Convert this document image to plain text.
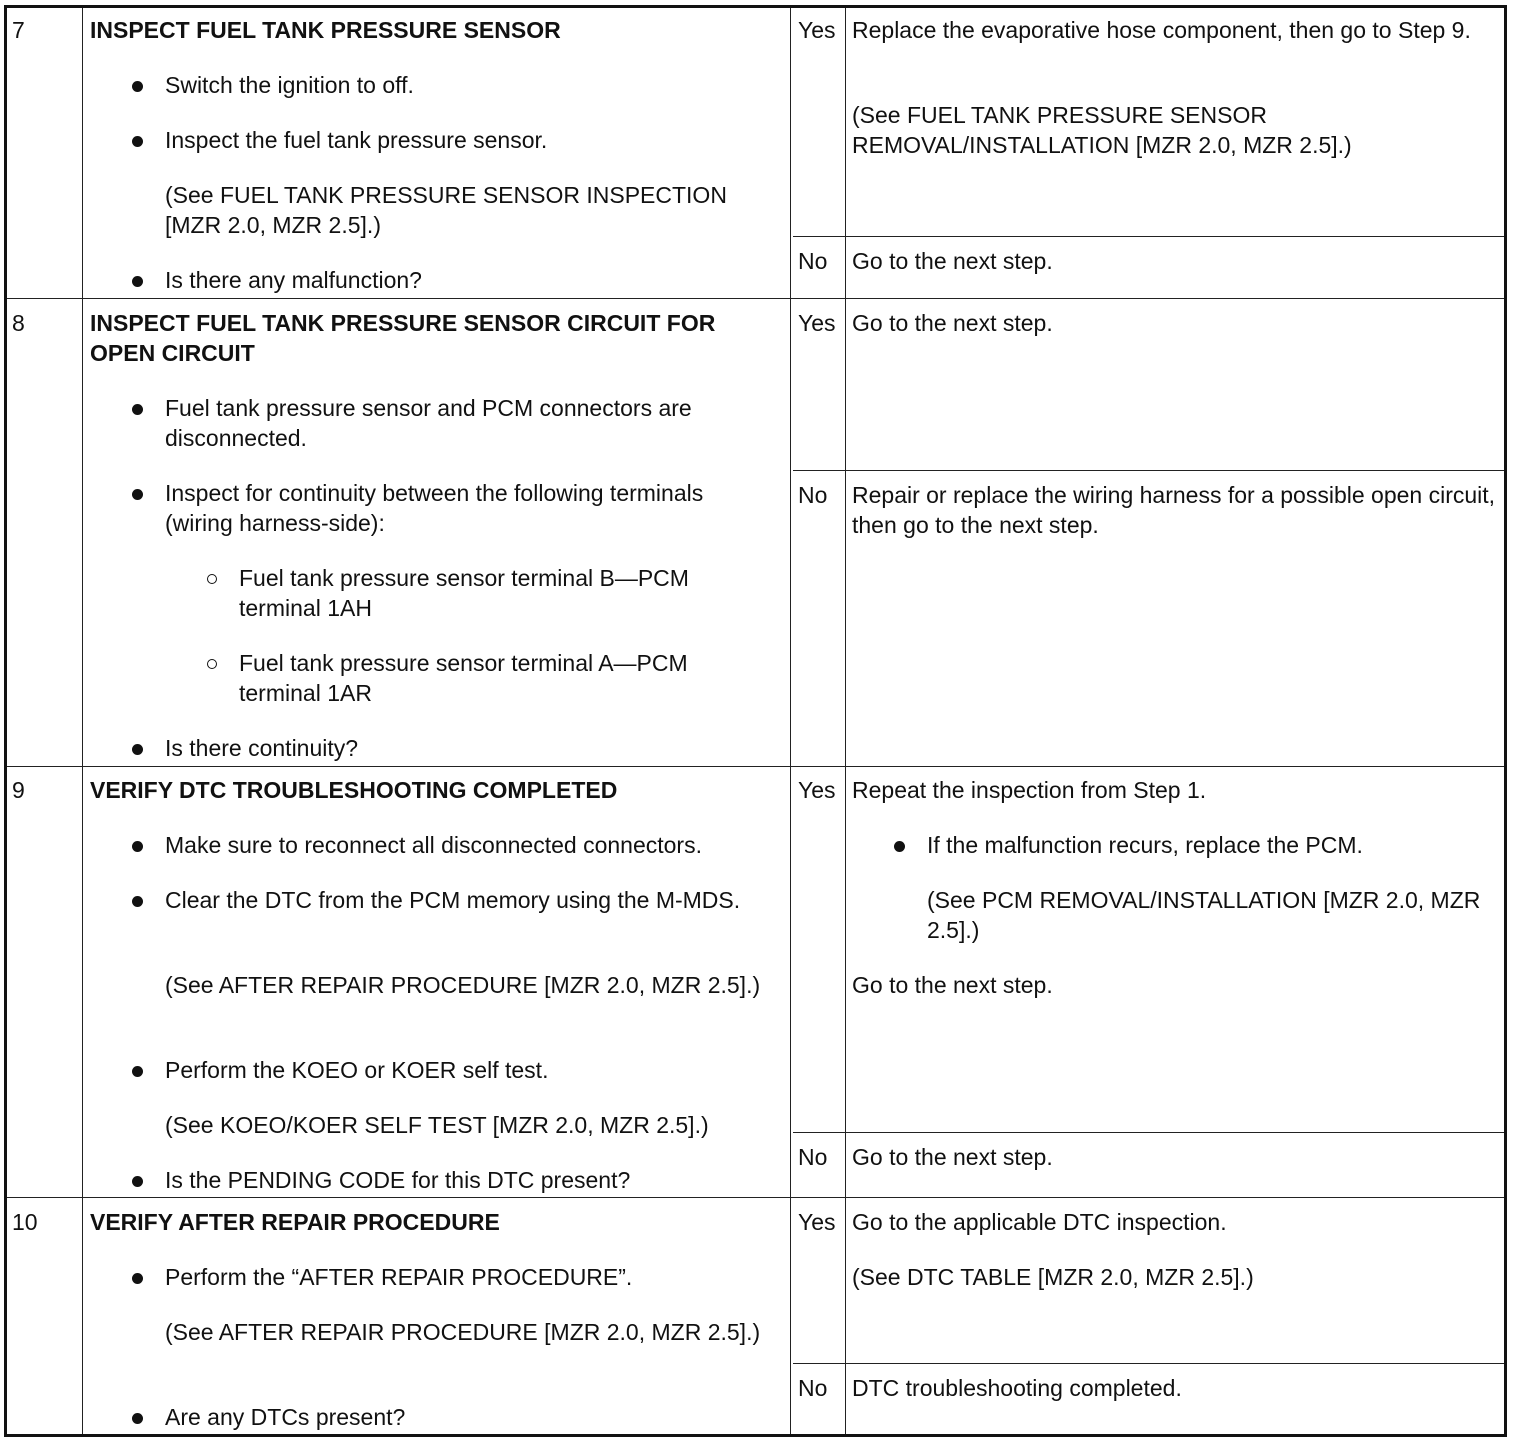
7	INSPECT FUEL TANK PRESSURE SENSOR
Switch the ignition to off.
Inspect the fuel tank pressure sensor.
(See FUEL TANK PRESSURE SENSOR INSPECTION [MZR 2.0, MZR 2.5].)
Is there any malfunction?
Yes Replace the evaporative hose component, then go to Step 9.
(See FUEL TANK PRESSURE SENSOR REMOVAL/INSTALLATION [MZR 2.0, MZR 2.5].)
No Go to the next step.
8	INSPECT FUEL TANK PRESSURE SENSOR CIRCUIT FOR OPEN CIRCUIT
Fuel tank pressure sensor and PCM connectors are disconnected.
Inspect for continuity between the following terminals (wiring harness-side):
Fuel tank pressure sensor terminal B—PCM terminal 1AH
Fuel tank pressure sensor terminal A—PCM terminal 1AR
Is there continuity?
Yes Go to the next step.
No Repair or replace the wiring harness for a possible open circuit, then go to the next step.
9	VERIFY DTC TROUBLESHOOTING COMPLETED
Make sure to reconnect all disconnected connectors.
Clear the DTC from the PCM memory using the M-MDS.
(See AFTER REPAIR PROCEDURE [MZR 2.0, MZR 2.5].)
Perform the KOEO or KOER self test.
(See KOEO/KOER SELF TEST [MZR 2.0, MZR 2.5].)
Is the PENDING CODE for this DTC present?
Yes Repeat the inspection from Step 1.
If the malfunction recurs, replace the PCM.
(See PCM REMOVAL/INSTALLATION [MZR 2.0, MZR 2.5].)
Go to the next step.
No Go to the next step.
10 VERIFY AFTER REPAIR PROCEDURE
Perform the “AFTER REPAIR PROCEDURE”.
(See AFTER REPAIR PROCEDURE [MZR 2.0, MZR 2.5].)
Are any DTCs present?
Yes Go to the applicable DTC inspection.
(See DTC TABLE [MZR 2.0, MZR 2.5].)
No DTC troubleshooting completed.
